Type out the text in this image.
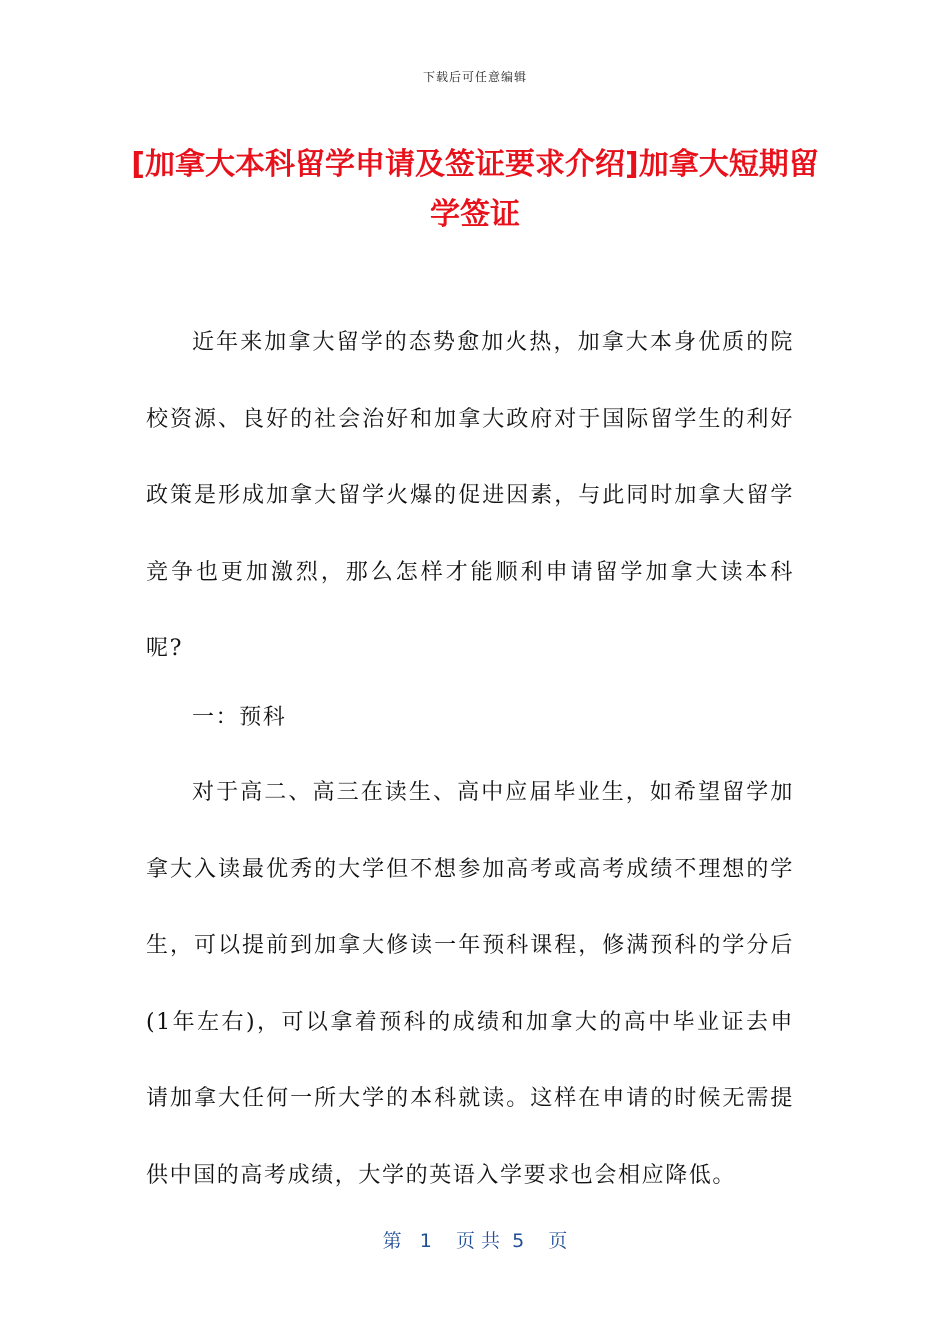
下载后可任意编辑
[加拿大本科留学申请及签证要求介绍]加拿大短期留学签证

近年来加拿大留学的态势愈加火热，加拿大本身优质的院校资源、良好的社会治好和加拿大政府对于国际留学生的利好政策是形成加拿大留学火爆的促进因素，与此同时加拿大留学竞争也更加激烈，那么怎样才能顺利申请留学加拿大读本科呢?

一：预科

对于高二、高三在读生、高中应届毕业生，如希望留学加拿大入读最优秀的大学但不想参加高考或高考成绩不理想的学生，可以提前到加拿大修读一年预科课程，修满预科的学分后(1年左右)，可以拿着预科的成绩和加拿大的高中毕业证去申请加拿大任何一所大学的本科就读。这样在申请的时候无需提供中国的高考成绩，大学的英语入学要求也会相应降低。

第   1    页 共  5    页
